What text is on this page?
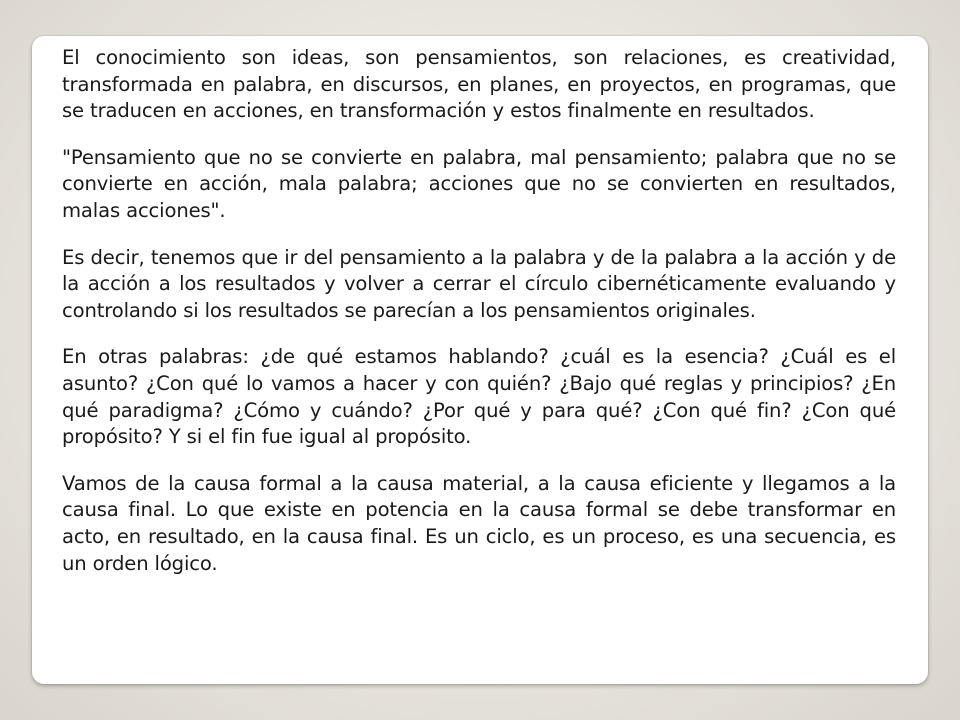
El conocimiento son ideas, son pensamientos, son relaciones, es creatividad, transformada en palabra, en discursos, en planes, en proyectos, en programas, que se traducen en acciones, en transformación y estos finalmente en resultados.

"Pensamiento que no se convierte en palabra, mal pensamiento; palabra que no se convierte en acción, mala palabra; acciones que no se convierten en resultados, malas acciones".

Es decir, tenemos que ir del pensamiento a la palabra y de la palabra a la acción y de la acción a los resultados y volver a cerrar el círculo cibernéticamente evaluando y controlando si los resultados se parecían a los pensamientos originales.

En otras palabras: ¿de qué estamos hablando? ¿cuál es la esencia? ¿Cuál es el asunto? ¿Con qué lo vamos a hacer y con quién? ¿Bajo qué reglas y principios? ¿En qué paradigma? ¿Cómo y cuándo? ¿Por qué y para qué? ¿Con qué fin? ¿Con qué propósito? Y si el fin fue igual al propósito.

Vamos de la causa formal a la causa material, a la causa eficiente y llegamos a la causa final. Lo que existe en potencia en la causa formal se debe transformar en acto, en resultado, en la causa final. Es un ciclo, es un proceso, es una secuencia, es un orden lógico.
